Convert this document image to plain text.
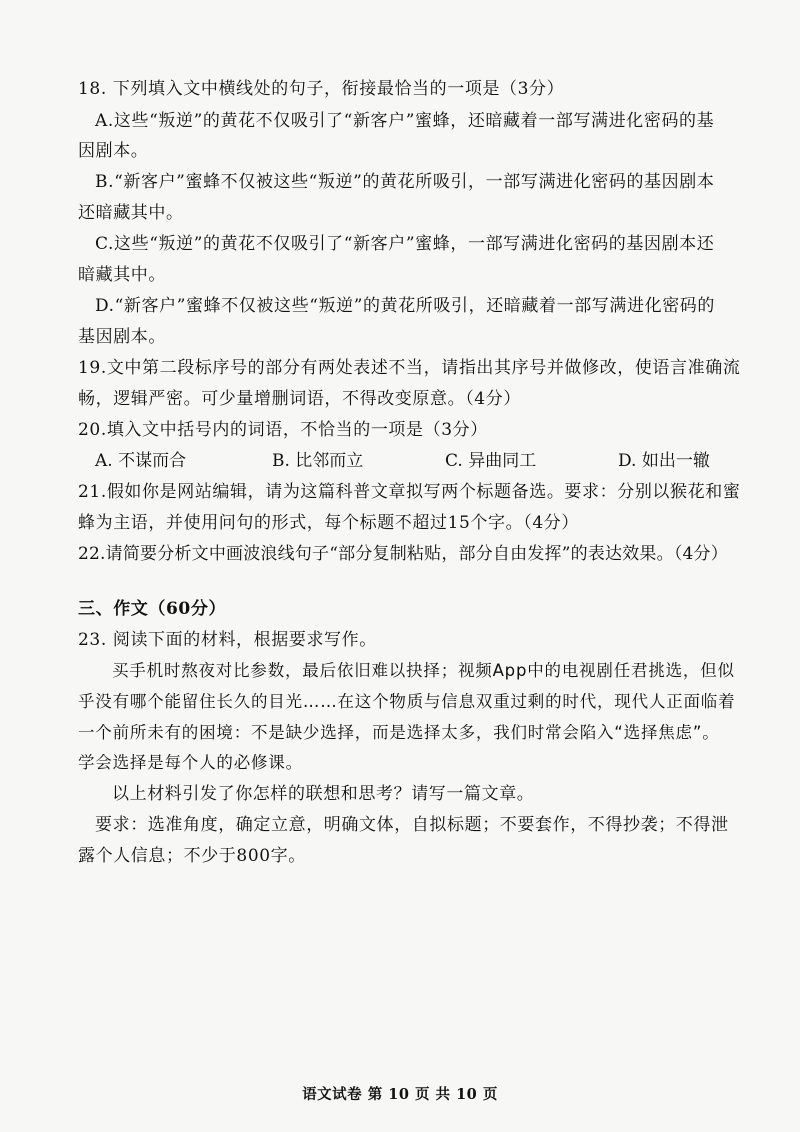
18. 下列填入文中横线处的句子，衔接最恰当的一项是（3分）
A.这些“叛逆”的黄花不仅吸引了“新客户”蜜蜂，还暗藏着一部写满进化密码的基
因剧本。
B.“新客户”蜜蜂不仅被这些“叛逆”的黄花所吸引，一部写满进化密码的基因剧本
还暗藏其中。
C.这些“叛逆”的黄花不仅吸引了“新客户”蜜蜂，一部写满进化密码的基因剧本还
暗藏其中。
D.“新客户”蜜蜂不仅被这些“叛逆”的黄花所吸引，还暗藏着一部写满进化密码的
基因剧本。
19.文中第二段标序号的部分有两处表述不当，请指出其序号并做修改，使语言准确流
畅，逻辑严密。可少量增删词语，不得改变原意。（4分）
20.填入文中括号内的词语，不恰当的一项是（3分）
A. 不谋而合	B. 比邻而立	C. 异曲同工	D. 如出一辙
21.假如你是网站编辑，请为这篇科普文章拟写两个标题备选。要求：分别以猴花和蜜
蜂为主语，并使用问句的形式，每个标题不超过15个字。（4分）
22.请简要分析文中画波浪线句子“部分复制粘贴，部分自由发挥”的表达效果。（4分）
三、作文（60分）
23. 阅读下面的材料，根据要求写作。
买手机时熬夜对比参数，最后依旧难以抉择；视频App中的电视剧任君挑选，但似
乎没有哪个能留住长久的目光……在这个物质与信息双重过剩的时代，现代人正面临着
一个前所未有的困境：不是缺少选择，而是选择太多，我们时常会陷入“选择焦虑”。
学会选择是每个人的必修课。
以上材料引发了你怎样的联想和思考？请写一篇文章。
要求：选准角度，确定立意，明确文体，自拟标题；不要套作，不得抄袭；不得泄
露个人信息；不少于800字。
语文试卷 第 10 页 共 10 页
